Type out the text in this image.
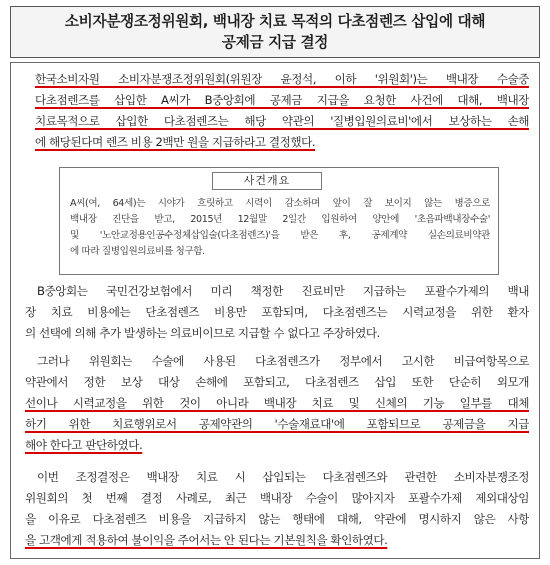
소비자분쟁조정위원회, 백내장 치료 목적의 다초점렌즈 삽입에 대해
공제금 지급 결정
한국소비자원 소비자분쟁조정위원회(위원장 윤정석, 이하 '위원회')는 백내장 수술중
다초점렌즈를 삽입한 A씨가 B중앙회에 공제금 지급을 요청한 사건에 대해, 백내장
치료목적으로 삽입한 다초점렌즈는 해당 약관의 '질병입원의료비'에서 보상하는 손해
에 해당된다며 렌즈 비용 2백만 원을 지급하라고 결정했다.
사건개요
A씨(여, 64세)는 시야가 흐릿하고 시력이 감소하며 앞이 잘 보이지 않는 병증으로
백내장 진단을 받고, 2015년 12월말 2일간 입원하여 양안에 '초음파백내장수술'
및 '노안교정용인공수정체삽입술(다초점렌즈)'을 받은 후, 공제계약 실손의료비약관
에 따라 질병입원의료비를 청구함.
B중앙회는 국민건강보험에서 미리 책정한 진료비만 지급하는 포괄수가제의 백내
장 치료 비용에는 단초점렌즈 비용만 포함되며, 다초점렌즈는 시력교정을 위한 환자
의 선택에 의해 추가 발생하는 의료비이므로 지급할 수 없다고 주장하였다.
그러나 위원회는 수술에 사용된 다초점렌즈가 정부에서 고시한 비급여항목으로
약관에서 정한 보상 대상 손해에 포함되고, 다초점렌즈 삽입 또한 단순히 외모개
선이나 시력교정을 위한 것이 아니라 백내장 치료 및 신체의 기능 일부를 대체
하기 위한 치료행위로서 공제약관의 '수술재료대'에 포함되므로 공제금을 지급
해야 한다고 판단하였다.
이번 조정결정은 백내장 치료 시 삽입되는 다초점렌즈와 관련한 소비자분쟁조정
위원회의 첫 번째 결정 사례로, 최근 백내장 수술이 많아지자 포괄수가제 제외대상임
을 이유로 다초점렌즈 비용을 지급하지 않는 행태에 대해, 약관에 명시하지 않은 사항
을 고객에게 적용하여 불이익을 주어서는 안 된다는 기본원칙을 확인하였다.
